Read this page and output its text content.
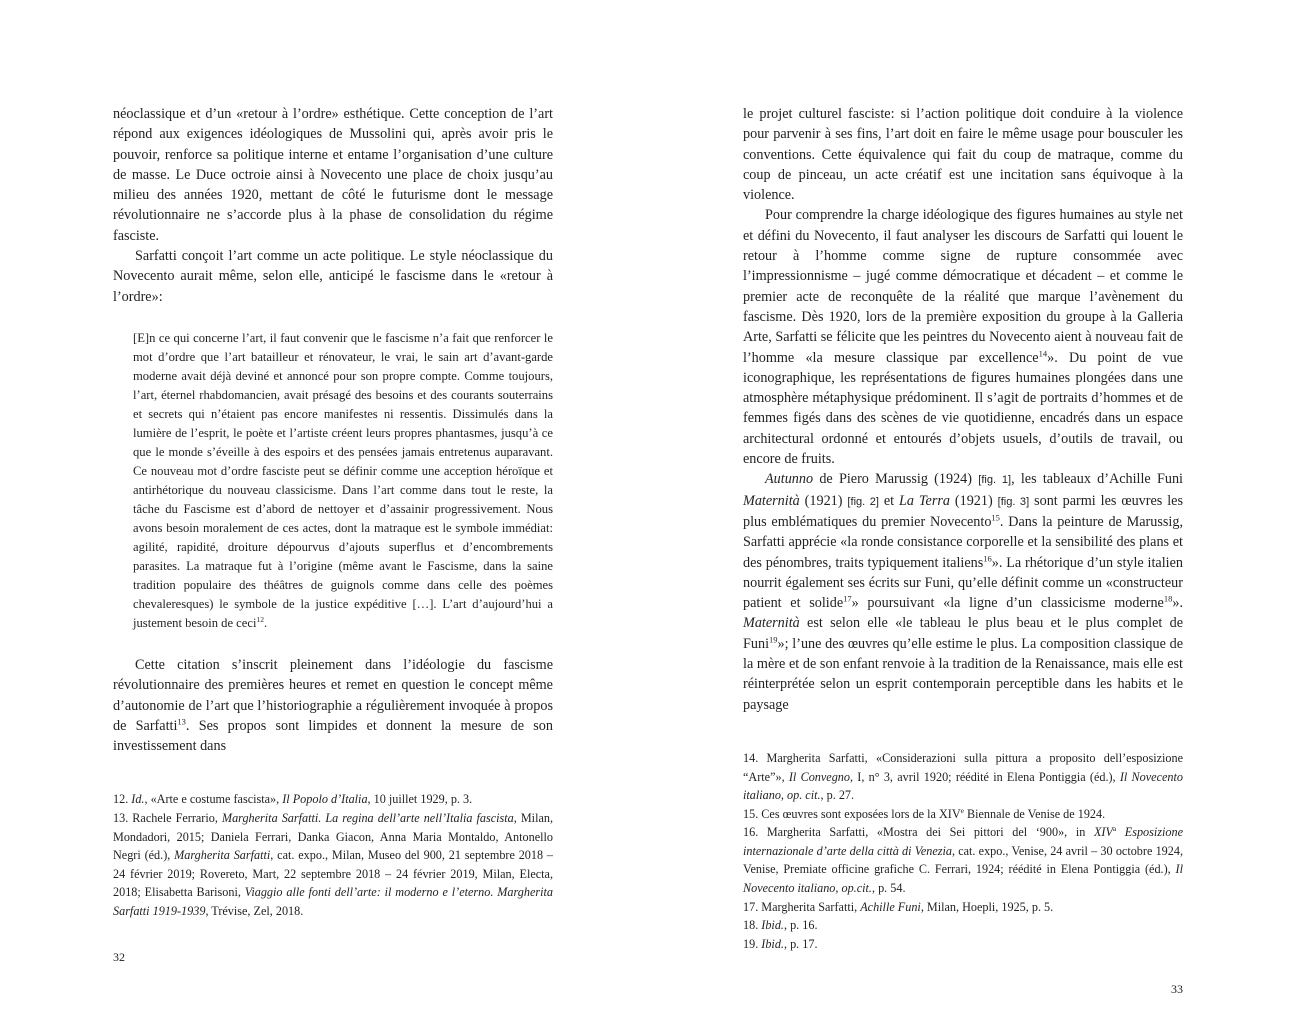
néoclassique et d’un «retour à l’ordre» esthétique. Cette conception de l’art répond aux exigences idéologiques de Mussolini qui, après avoir pris le pouvoir, renforce sa politique interne et entame l’organisation d’une culture de masse. Le Duce octroie ainsi à Novecento une place de choix jusqu’au milieu des années 1920, mettant de côté le futurisme dont le message révolutionnaire ne s’accorde plus à la phase de consolidation du régime fasciste.

Sarfatti conçoit l’art comme un acte politique. Le style néoclassique du Novecento aurait même, selon elle, anticipé le fascisme dans le «retour à l’ordre»:

[E]n ce qui concerne l’art, il faut convenir que le fascisme n’a fait que renforcer le mot d’ordre que l’art batailleur et rénovateur, le vrai, le sain art d’avant-garde moderne avait déjà deviné et annoncé pour son propre compte. Comme toujours, l’art, éternel rhabdomancien, avait présagé des besoins et des courants souterrains et secrets qui n’étaient pas encore manifestes ni ressentis. Dissimulés dans la lumière de l’esprit, le poète et l’artiste créent leurs propres phantasmes, jusqu’à ce que le monde s’éveille à des espoirs et des pensées jamais entretenus auparavant. Ce nouveau mot d’ordre fasciste peut se définir comme une acception héroïque et antirhétorique du nouveau classicisme. Dans l’art comme dans tout le reste, la tâche du Fascisme est d’abord de nettoyer et d’assainir progressivement. Nous avons besoin moralement de ces actes, dont la matraque est le symbole immédiat: agilité, rapidité, droiture dépourvus d’ajouts superflus et d’encombrements parasites. La matraque fut à l’origine (même avant le Fascisme, dans la saine tradition populaire des théâtres de guignols comme dans celle des poèmes chevaleresques) le symbole de la justice expéditive […]. L’art d’aujourd’hui a justement besoin de ceci$^{12}$.

Cette citation s’inscrit pleinement dans l’idéologie du fascisme révolutionnaire des premières heures et remet en question le concept même d’autonomie de l’art que l’historiographie a régulièrement invoquée à propos de Sarfatti$^{13}$. Ses propos sont limpides et donnent la mesure de son investissement dans

12. Id., «Arte e costume fascista», Il Popolo d’Italia, 10 juillet 1929, p. 3.

13. Rachele Ferrario, Margherita Sarfatti. La regina dell’arte nell’Italia fascista, Milan, Mondadori, 2015; Daniela Ferrari, Danka Giacon, Anna Maria Montaldo, Antonello Negri (éd.), Margherita Sarfatti, cat. expo., Milan, Museo del 900, 21 septembre 2018 – 24 février 2019; Rovereto, Mart, 22 septembre 2018 – 24 février 2019, Milan, Electa, 2018; Elisabetta Barisoni, Viaggio alle fonti dell’arte: il moderno e l’eterno. Margherita Sarfatti 1919-1939, Trévise, Zel, 2018.

32

le projet culturel fasciste: si l’action politique doit conduire à la violence pour parvenir à ses fins, l’art doit en faire le même usage pour bousculer les conventions. Cette équivalence qui fait du coup de matraque, comme du coup de pinceau, un acte créatif est une incitation sans équivoque à la violence.

Pour comprendre la charge idéologique des figures humaines au style net et défini du Novecento, il faut analyser les discours de Sarfatti qui louent le retour à l’homme comme signe de rupture consommée avec l’impressionnisme – jugé comme démocratique et décadent – et comme le premier acte de reconquête de la réalité que marque l’avènement du fascisme. Dès 1920, lors de la première exposition du groupe à la Galleria Arte, Sarfatti se félicite que les peintres du Novecento aient à nouveau fait de l’homme «la mesure classique par excellence$^{14}$». Du point de vue iconographique, les représentations de figures humaines plongées dans une atmosphère métaphysique prédominent. Il s’agit de portraits d’hommes et de femmes figés dans des scènes de vie quotidienne, encadrés dans un espace architectural ordonné et entourés d’objets usuels, d’outils de travail, ou encore de fruits.

Autunno de Piero Marussig (1924) [fig. 1], les tableaux d’Achille Funi Maternità (1921) [fig. 2] et La Terra (1921) [fig. 3] sont parmi les œuvres les plus emblématiques du premier Novecento$^{15}$. Dans la peinture de Marussig, Sarfatti apprécie «la ronde consistance corporelle et la sensibilité des plans et des pénombres, traits typiquement italiens$^{16}$». La rhétorique d’un style italien nourrit également ses écrits sur Funi, qu’elle définit comme un «constructeur patient et solide$^{17}$» poursuivant «la ligne d’un classicisme moderne$^{18}$». Maternità est selon elle «le tableau le plus beau et le plus complet de Funi$^{19}$»; l’une des œuvres qu’elle estime le plus. La composition classique de la mère et de son enfant renvoie à la tradition de la Renaissance, mais elle est réinterprétée selon un esprit contemporain perceptible dans les habits et le paysage

14. Margherita Sarfatti, «Considerazioni sulla pittura a proposito dell’esposizione “Arte”», Il Convegno, I, n° 3, avril 1920; réédité in Elena Pontiggia (éd.), Il Novecento italiano, op. cit., p. 27.

15. Ces œuvres sont exposées lors de la XIVe Biennale de Venise de 1924.

16. Margherita Sarfatti, «Mostra dei Sei pittori del ‘900», in XIV$^a$ Esposizione internazionale d’arte della città di Venezia, cat. expo., Venise, 24 avril – 30 octobre 1924, Venise, Premiate officine grafiche C. Ferrari, 1924; réédité in Elena Pontiggia (éd.), Il Novecento italiano, op.cit., p. 54.

17. Margherita Sarfatti, Achille Funi, Milan, Hoepli, 1925, p. 5.

18. Ibid., p. 16.

19. Ibid., p. 17.

33
